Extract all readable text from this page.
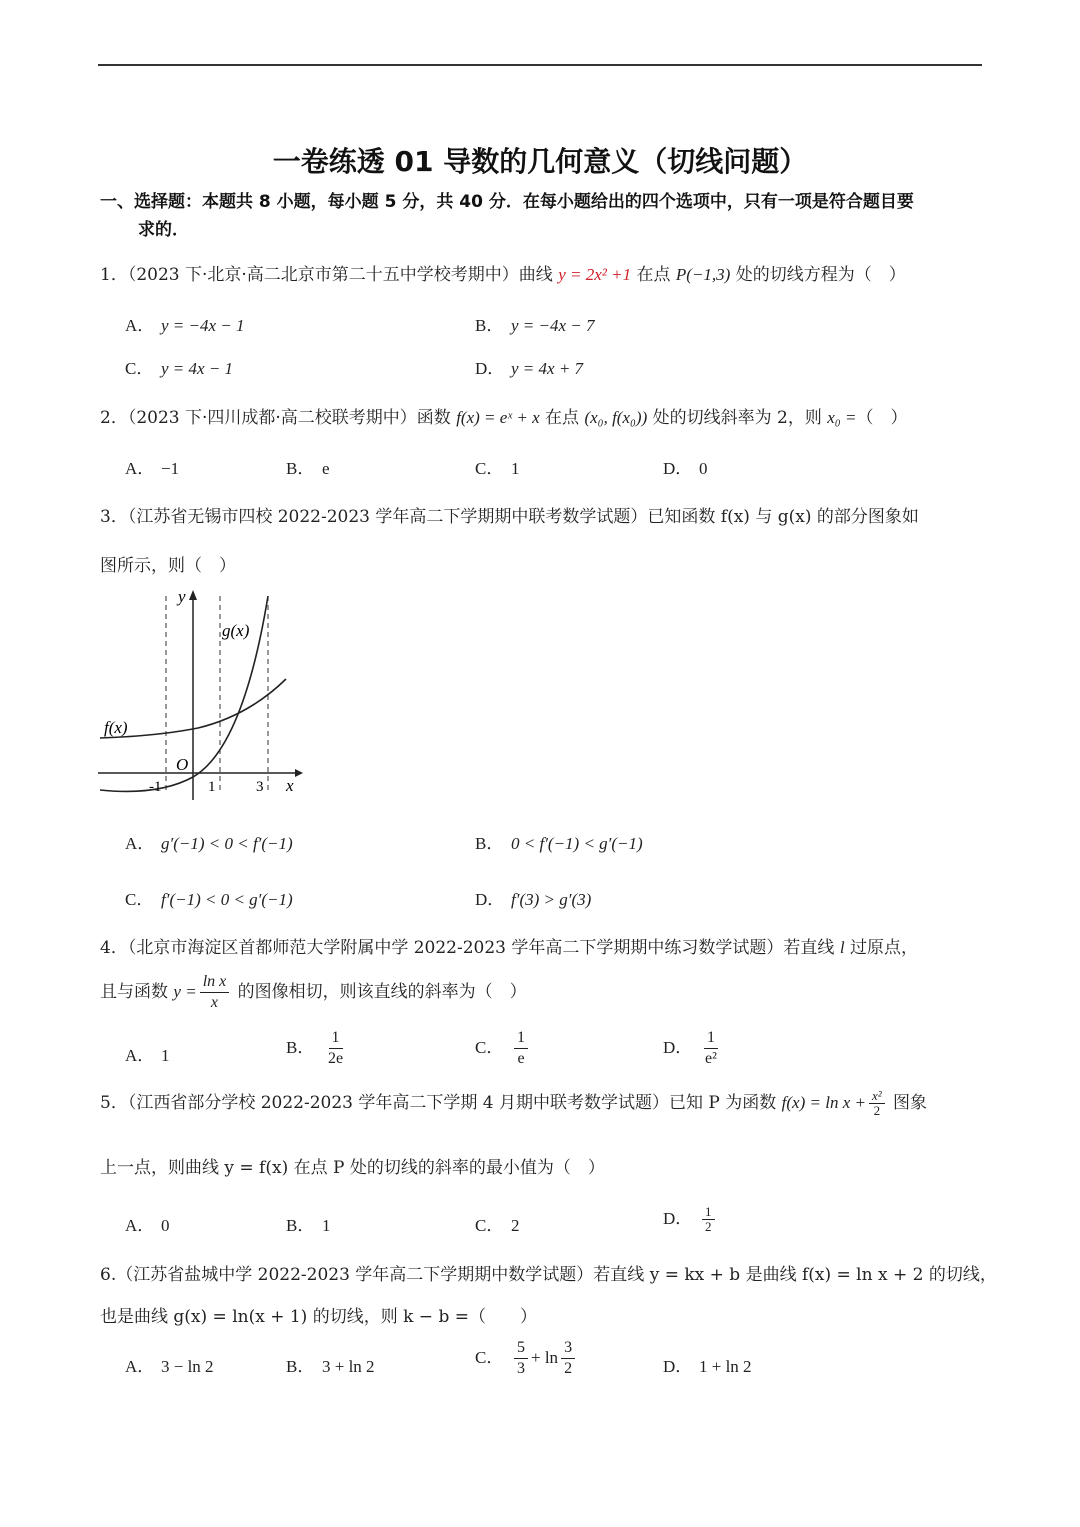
一卷练透 01 导数的几何意义（切线问题）
一、选择题：本题共 8 小题，每小题 5 分，共 40 分．在每小题给出的四个选项中，只有一项是符合题目要
求的．
1．（2023 下·北京·高二北京市第二十五中学校考期中）曲线 y = 2x² +1 在点 P(−1,3) 处的切线方程为（　）
A． y = −4x − 1	B． y = −4x − 7
C． y = 4x − 1	D． y = 4x + 7
2．（2023 下·四川成都·高二校联考期中）函数 f(x) = eˣ + x 在点 (x₀, f(x₀)) 处的切线斜率为 2，则 x₀ =（　）
A． −1	B． e	C． 1	D． 0
3．（江苏省无锡市四校 2022-2023 学年高二下学期期中联考数学试题）已知函数 f(x) 与 g(x) 的部分图象如
图所示，则（　）
y
x
O
g(x)
f(x)
-1	1	3
A． g′(−1) < 0 < f′(−1)	B． 0 < f′(−1) < g′(−1)
C． f′(−1) < 0 < g′(−1)	D． f′(3) > g′(3)
4．（北京市海淀区首都师范大学附属中学 2022-2023 学年高二下学期期中练习数学试题）若直线 l 过原点，
且与函数 $y = \frac{\text{ln x}}{x}$ 的图像相切，则该直线的斜率为（　）
A． 1	B． $\frac{1}{2e}$	C． $\frac{1}{e}$	D． $\frac{1}{\text{e²}}$
5．（江西省部分学校 2022-2023 学年高二下学期 4 月期中联考数学试题）已知 P 为函数 $f(x) = \ln x + \frac{\text{x²}}{2}$ 图象
上一点，则曲线 y = f(x) 在点 P 处的切线的斜率的最小值为（　）
A． 0	B． 1	C． 2	D． $\frac{1}{2}$
6.（江苏省盐城中学 2022-2023 学年高二下学期期中数学试题）若直线 y = kx + b 是曲线 f(x) = ln x + 2 的切线，
也是曲线 g(x) = ln(x + 1) 的切线，则 k − b =（　　）
A． 3 − ln 2	B． 3 + ln 2	C． $\frac{5}{3} + \ln \frac{3}{2}$	D． 1 + ln 2
